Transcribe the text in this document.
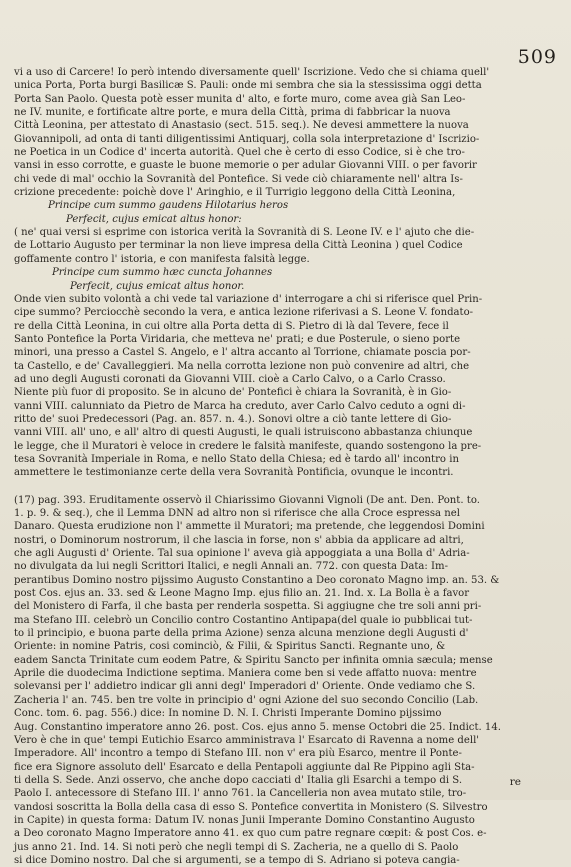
509
vi a uso di Carcere! Io però intendo diversamente quell' Iscrizione. Vedo che si chiama quell'
unica Porta, Porta burgi Basilicæ S. Pauli: onde mi sembra che sia la stessissima oggi detta
Porta San Paolo. Questa potè esser munita d' alto, e forte muro, come avea già San Leo-
ne IV. munite, e fortificate altre porte, e mura della Città, prima di fabbricar la nuova
Città Leonina, per attestato di Anastasio (sect. 515. seq.). Ne devesi ammettere la nuova
Giovannipoli, ad onta di tanti diligentissimi Antiquarj, colla sola interpretazione d' Iscrizio-
ne Poetica in un Codice d' incerta autorità. Quel che è certo di esso Codice, si è che tro-
vansi in esso corrotte, e guaste le buone memorie o per adular Giovanni VIII. o per favorir
chi vede di mal' occhio la Sovranità del Pontefice. Si vede ciò chiaramente nell' altra Is-
crizione precedente: poichè dove l' Aringhio, e il Turrigio leggono della Città Leonina,
Principe cum summo gaudens Hilotarius heros
Perfecit, cujus emicat altus honor:
( ne' quai versi si esprime con istorica verità la Sovranità di S. Leone IV. e l' ajuto che die-
de Lottario Augusto per terminar la non lieve impresa della Città Leonina ) quel Codice
goffamente contro l' istoria, e con manifesta falsità legge.
Principe cum summo hæc cuncta Johannes
Perfecit, cujus emicat altus honor.
Onde vien subito volontà a chi vede tal variazione d' interrogare a chi si riferisce quel Prin-
cipe summo? Perciocchè secondo la vera, e antica lezione riferivasi a S. Leone V. fondato-
re della Città Leonina, in cui oltre alla Porta detta di S. Pietro di là dal Tevere, fece il
Santo Pontefice la Porta Viridaria, che metteva ne' prati; e due Posterule, o sieno porte
minori, una presso a Castel S. Angelo, e l' altra accanto al Torrione, chiamate poscia por-
ta Castello, e de' Cavalleggieri. Ma nella corrotta lezione non può convenire ad altri, che
ad uno degli Augusti coronati da Giovanni VIII. cioè a Carlo Calvo, o a Carlo Crasso.
Niente più fuor di proposito. Se in alcuno de' Pontefici è chiara la Sovranità, è in Gio-
vanni VIII. calunniato da Pietro de Marca ha creduto, aver Carlo Calvo ceduto a ogni di-
ritto de' suoi Predecessori (Pag. an. 857. n. 4.). Sonovi oltre a ciò tante lettere di Gio-
vanni VIII. all' uno, e all' altro di questi Augusti, le quali istruiscono abbastanza chiunque
le legge, che il Muratori è veloce in credere le falsità manifeste, quando sostengono la pre-
tesa Sovranità Imperiale in Roma, e nello Stato della Chiesa; ed è tardo all' incontro in
ammettere le testimonianze certe della vera Sovranità Pontificia, ovunque le incontri.
(17) pag. 393. Eruditamente osservò il Chiarissimo Giovanni Vignoli (De ant. Den. Pont. to.
1. p. 9. & seq.), che il Lemma DNN ad altro non si riferisce che alla Croce espressa nel
Danaro. Questa erudizione non l' ammette il Muratori; ma pretende, che leggendosi Domini
nostri, o Dominorum nostrorum, il che lascia in forse, non s' abbia da applicare ad altri,
che agli Augusti d' Oriente. Tal sua opinione l' aveva già appoggiata a una Bolla d' Adria-
no divulgata da lui negli Scrittori Italici, e negli Annali an. 772. con questa Data: Im-
perantibus Domino nostro pijssimo Augusto Constantino a Deo coronato Magno imp. an. 53. &
post Cos. ejus an. 33. sed & Leone Magno Imp. ejus filio an. 21. Ind. x. La Bolla è a favor
del Monistero di Farfa, il che basta per renderla sospetta. Si aggiugne che tre soli anni pri-
ma Stefano III. celebrò un Concilio contro Costantino Antipapa(del quale io pubblicai tut-
to il principio, e buona parte della prima Azione) senza alcuna menzione degli Augusti d'
Oriente: in nomine Patris, cosi cominciò, & Filii, & Spiritus Sancti. Regnante uno, &
eadem Sancta Trinitate cum eodem Patre, & Spiritu Sancto per infinita omnia sæcula; mense
Aprile die duodecima Indictione septima. Maniera come ben si vede affatto nuova: mentre
solevansi per l' addietro indicar gli anni degl' Imperadori d' Oriente. Onde vediamo che S.
Zacheria l' an. 745. ben tre volte in principio d' ogni Azione del suo secondo Concilio (Lab.
Conc. tom. 6. pag. 556.) dice: In nomine D. N. I. Christi Imperante Domino pijssimo
Aug. Constantino imperatore anno 26. post. Cos. ejus anno 5. mense Octobri die 25. Indict. 14.
Vero è che in que' tempi Eutichio Esarco amministrava l' Esarcato di Ravenna a nome dell'
Imperadore. All' incontro a tempo di Stefano III. non v' era più Esarco, mentre il Ponte-
fice era Signore assoluto dell' Esarcato e della Pentapoli aggiunte dal Re Pippino agli Sta-
ti della S. Sede. Anzi osservo, che anche dopo cacciati d' Italia gli Esarchi a tempo di S.
Paolo I. antecessore di Stefano III. l' anno 761. la Cancelleria non avea mutato stile, tro-
vandosi soscritta la Bolla della casa di esso S. Pontefice convertita in Monistero (S. Silvestro
in Capite) in questa forma: Datum IV. nonas Junii Imperante Domino Constantino Augusto
a Deo coronato Magno Imperatore anno 41. ex quo cum patre regnare cœpit: & post Cos. e-
jus anno 21. Ind. 14. Si noti però che negli tempi di S. Zacheria, ne a quello di S. Paolo
si dice Domino nostro. Dal che si argumenti, se a tempo di S. Adriano si poteva cangia-
re
